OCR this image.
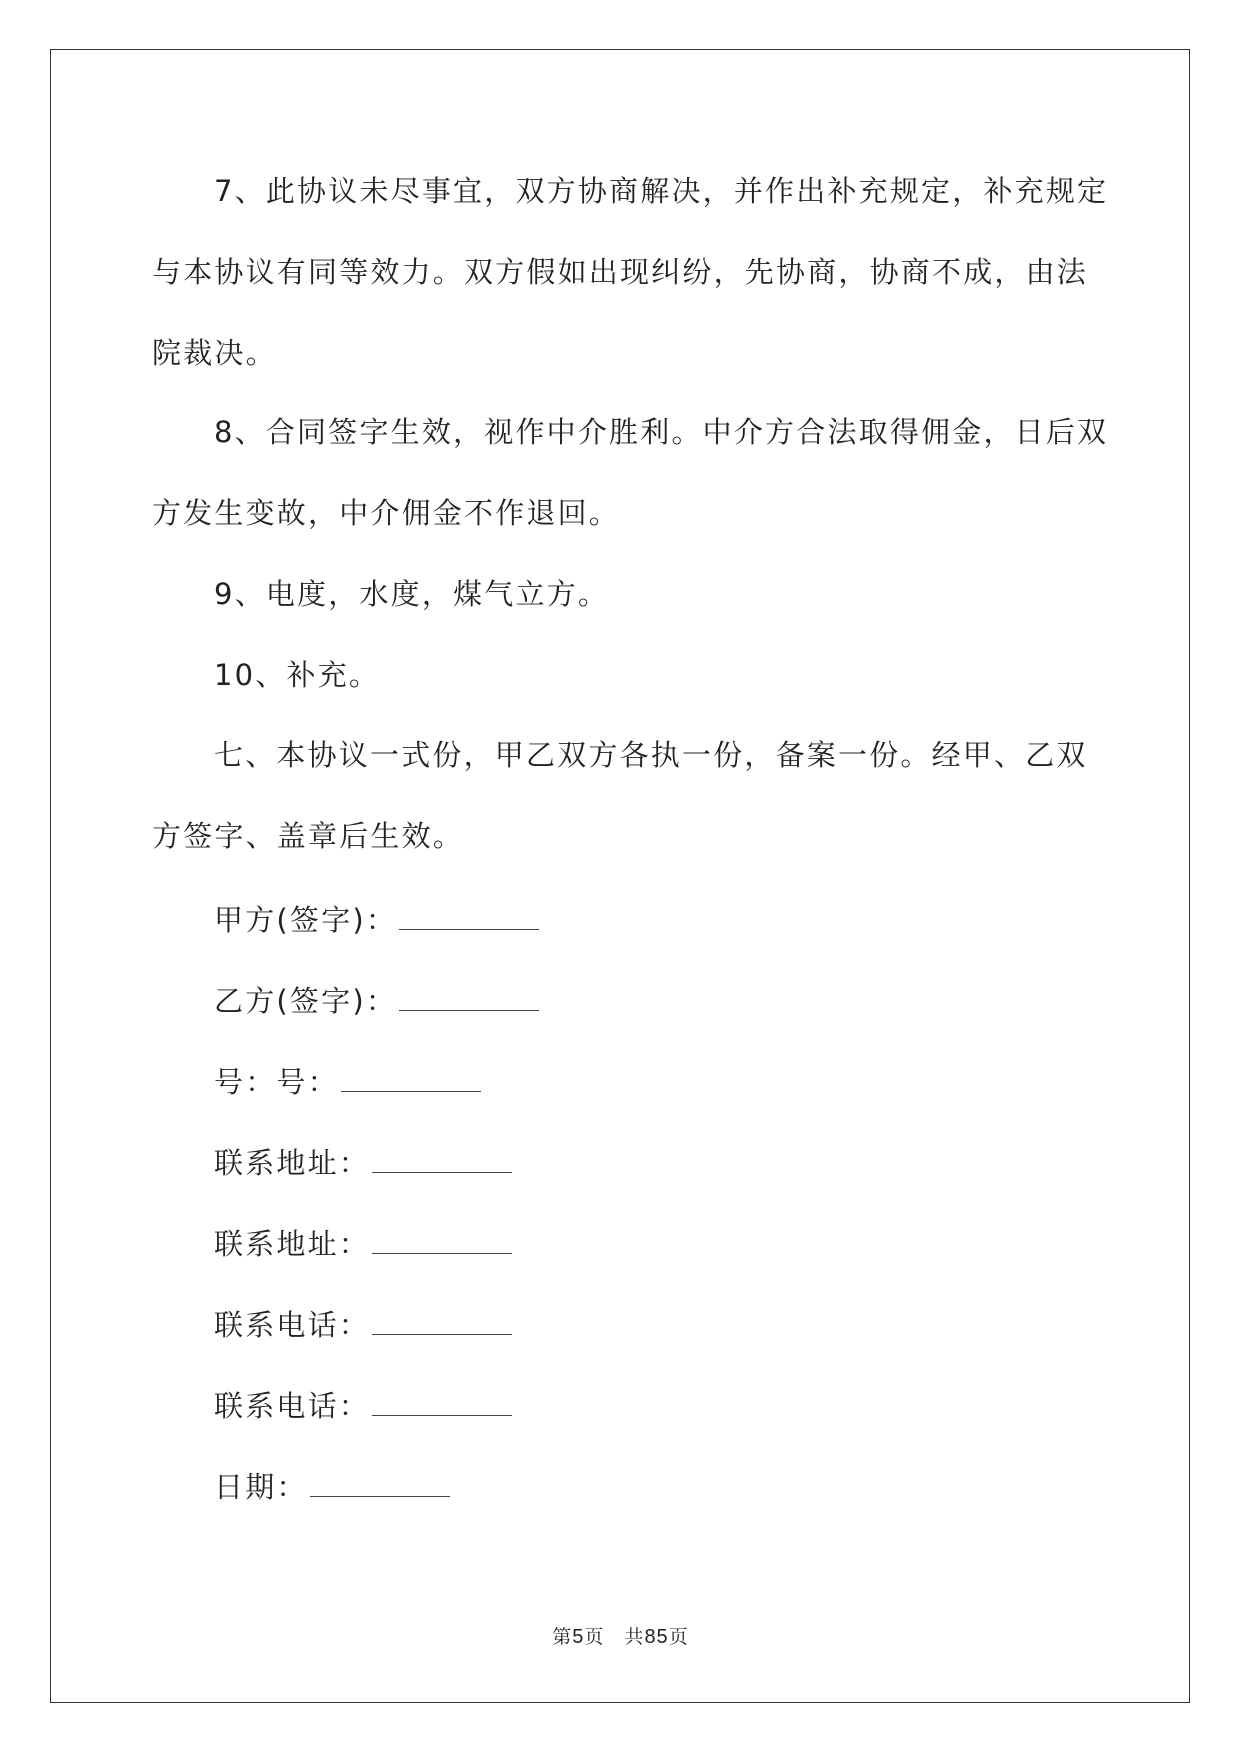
7、此协议未尽事宜，双方协商解决，并作出补充规定，补充规定
与本协议有同等效力。双方假如出现纠纷，先协商，协商不成，由法
院裁决。
8、合同签字生效，视作中介胜利。中介方合法取得佣金，日后双
方发生变故，中介佣金不作退回。
9、电度，水度，煤气立方。
10、补充。
七、本协议一式份，甲乙双方各执一份，备案一份。经甲、乙双
方签字、盖章后生效。
甲方(签字)：
乙方(签字)：
号：号：
联系地址：
联系地址：
联系电话：
联系电话：
日期：
第5页　共85页
